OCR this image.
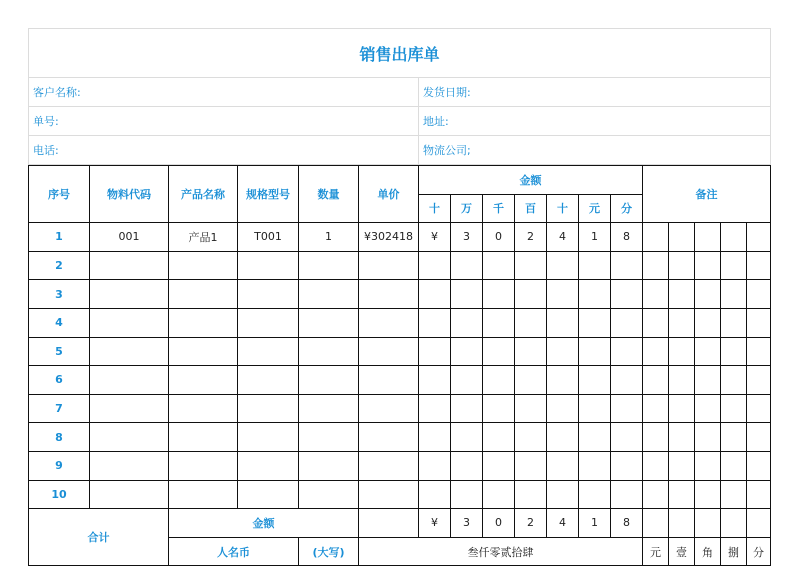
销售出库单	
客户名称:	发货日期:
单号:	地址:
电话:	物流公司;
序号	物料代码	产品名称	规格型号	数量	单价	金额							备注				
						十	万	千	百	十	元	分					
1	001	产品1	T001	1	¥302418	¥	3	0	2	4	1	8					
2																	
3																	
4																	
5																	
6																	
7																	
8																	
9																	
10																	
合计		金额				¥	3	0	2	4	1	8					
		人名币		(大写)	叁仟零贰拾肆								元	壹	角	捌	分
